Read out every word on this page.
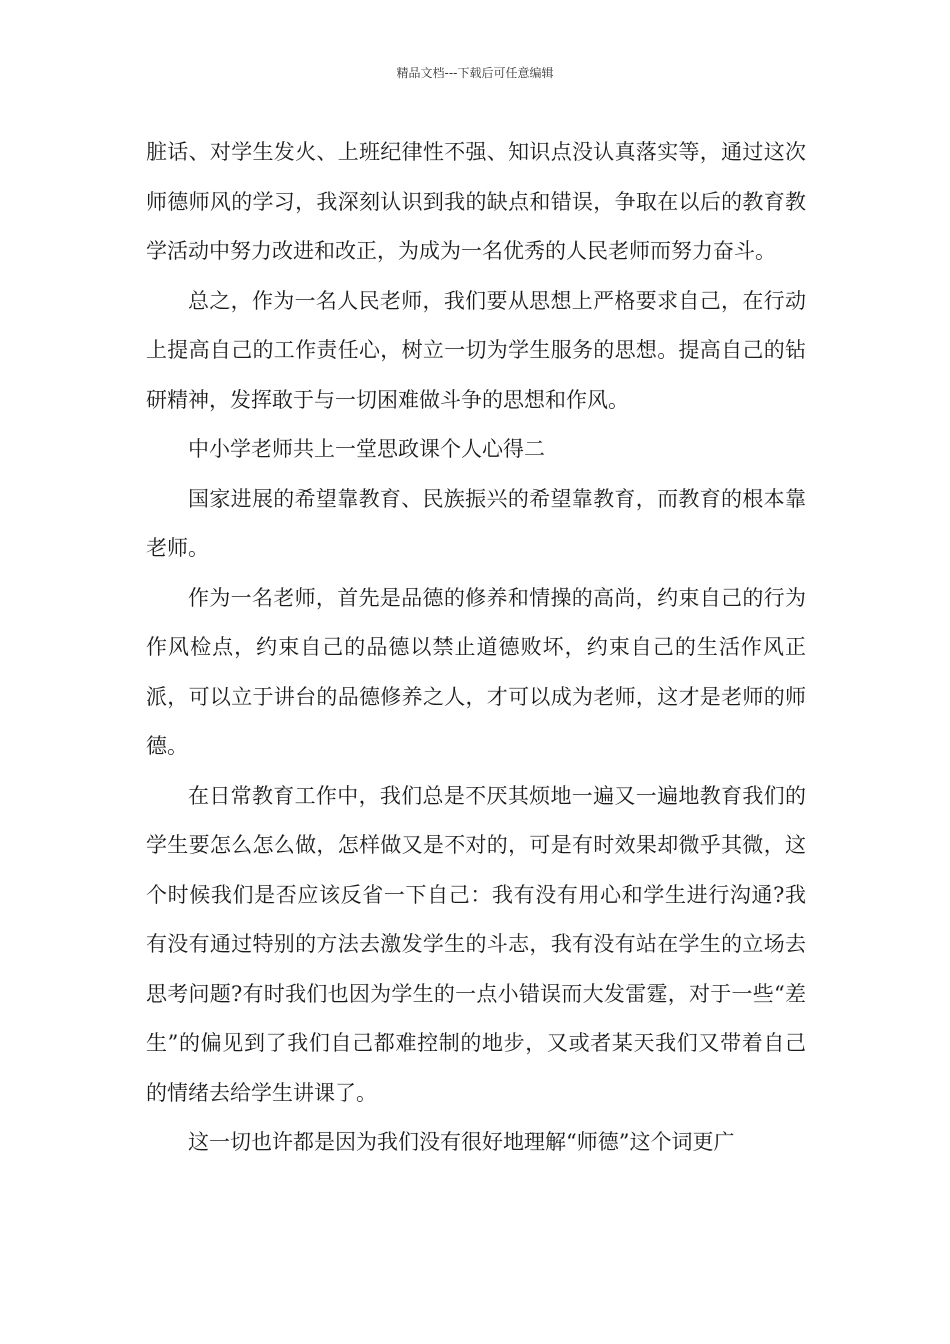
精品文档---下载后可任意编辑

脏话、对学生发火、上班纪律性不强、知识点没认真落实等，通过这次师德师风的学习，我深刻认识到我的缺点和错误，争取在以后的教育教学活动中努力改进和改正，为成为一名优秀的人民老师而努力奋斗。

总之，作为一名人民老师，我们要从思想上严格要求自己，在行动上提高自己的工作责任心，树立一切为学生服务的思想。提高自己的钻研精神，发挥敢于与一切困难做斗争的思想和作风。

中小学老师共上一堂思政课个人心得二

国家进展的希望靠教育、民族振兴的希望靠教育，而教育的根本靠老师。

作为一名老师，首先是品德的修养和情操的高尚，约束自己的行为作风检点，约束自己的品德以禁止道德败坏，约束自己的生活作风正派，可以立于讲台的品德修养之人，才可以成为老师，这才是老师的师德。

在日常教育工作中，我们总是不厌其烦地一遍又一遍地教育我们的学生要怎么怎么做，怎样做又是不对的，可是有时效果却微乎其微，这个时候我们是否应该反省一下自己：我有没有用心和学生进行沟通?我有没有通过特别的方法去激发学生的斗志，我有没有站在学生的立场去思考问题?有时我们也因为学生的一点小错误而大发雷霆，对于一些“差生”的偏见到了我们自己都难控制的地步，又或者某天我们又带着自己的情绪去给学生讲课了。

这一切也许都是因为我们没有很好地理解“师德”这个词更广
